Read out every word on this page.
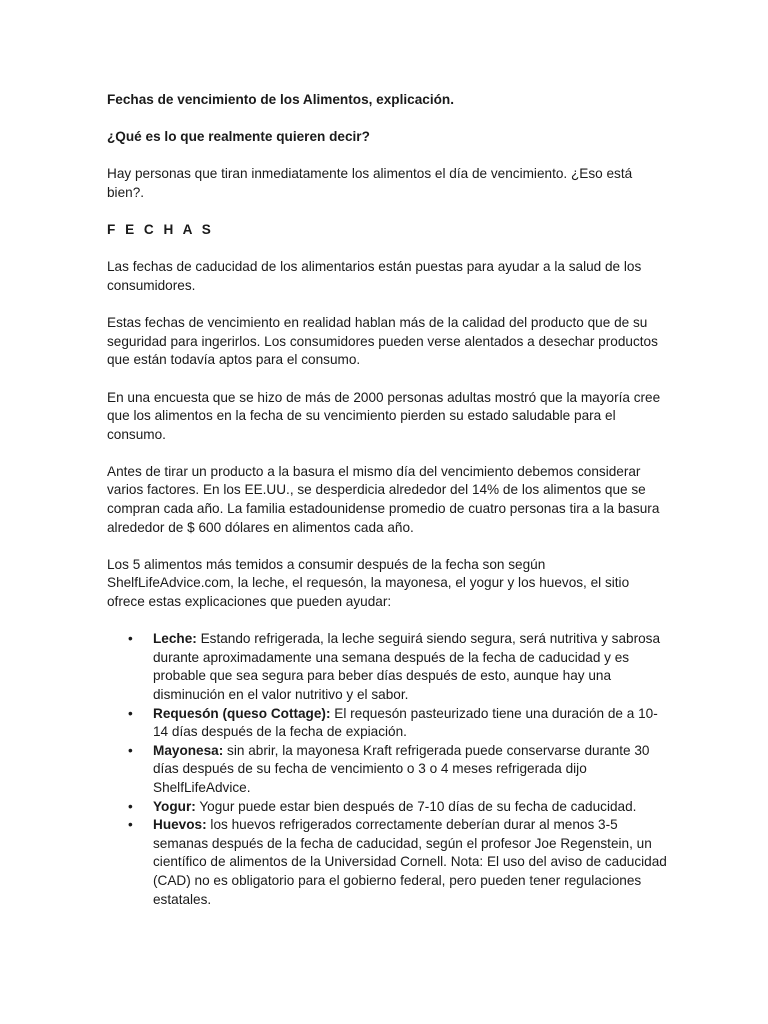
Fechas de vencimiento de los Alimentos, explicación.

¿Qué es lo que realmente quieren decir?

Hay personas que tiran inmediatamente los alimentos el día de vencimiento. ¿Eso está bien?.

F E C H A S

Las fechas de caducidad de los alimentarios están puestas para ayudar a la salud de los consumidores.

Estas fechas de vencimiento en realidad hablan más de la calidad del producto que de su seguridad para ingerirlos. Los consumidores pueden verse alentados a desechar productos que están todavía aptos para el consumo.

En una encuesta que se hizo de más de 2000 personas adultas mostró que la mayoría cree que los alimentos en la fecha de su vencimiento pierden su estado saludable para el consumo.

Antes de tirar un producto a la basura el mismo día del vencimiento debemos considerar varios factores. En los EE.UU., se desperdicia alrededor del 14% de los alimentos que se compran cada año. La familia estadounidense promedio de cuatro personas tira a la basura alrededor de $ 600 dólares en alimentos cada año.

Los 5 alimentos más temidos a consumir después de la fecha son según ShelfLifeAdvice.com, la leche, el requesón, la mayonesa, el yogur y los huevos, el sitio ofrece estas explicaciones que pueden ayudar:

• Leche: Estando refrigerada, la leche seguirá siendo segura, será nutritiva y sabrosa durante aproximadamente una semana después de la fecha de caducidad y es probable que sea segura para beber días después de esto, aunque hay una disminución en el valor nutritivo y el sabor.
• Requesón (queso Cottage): El requesón pasteurizado tiene una duración de a 10-14 días después de la fecha de expiación.
• Mayonesa: sin abrir, la mayonesa Kraft refrigerada puede conservarse durante 30 días después de su fecha de vencimiento o 3 o 4 meses refrigerada dijo ShelfLifeAdvice.
• Yogur: Yogur puede estar bien después de 7-10 días de su fecha de caducidad.
• Huevos: los huevos refrigerados correctamente deberían durar al menos 3-5 semanas después de la fecha de caducidad, según el profesor Joe Regenstein, un científico de alimentos de la Universidad Cornell. Nota: El uso del aviso de caducidad (CAD) no es obligatorio para el gobierno federal, pero pueden tener regulaciones estatales.
